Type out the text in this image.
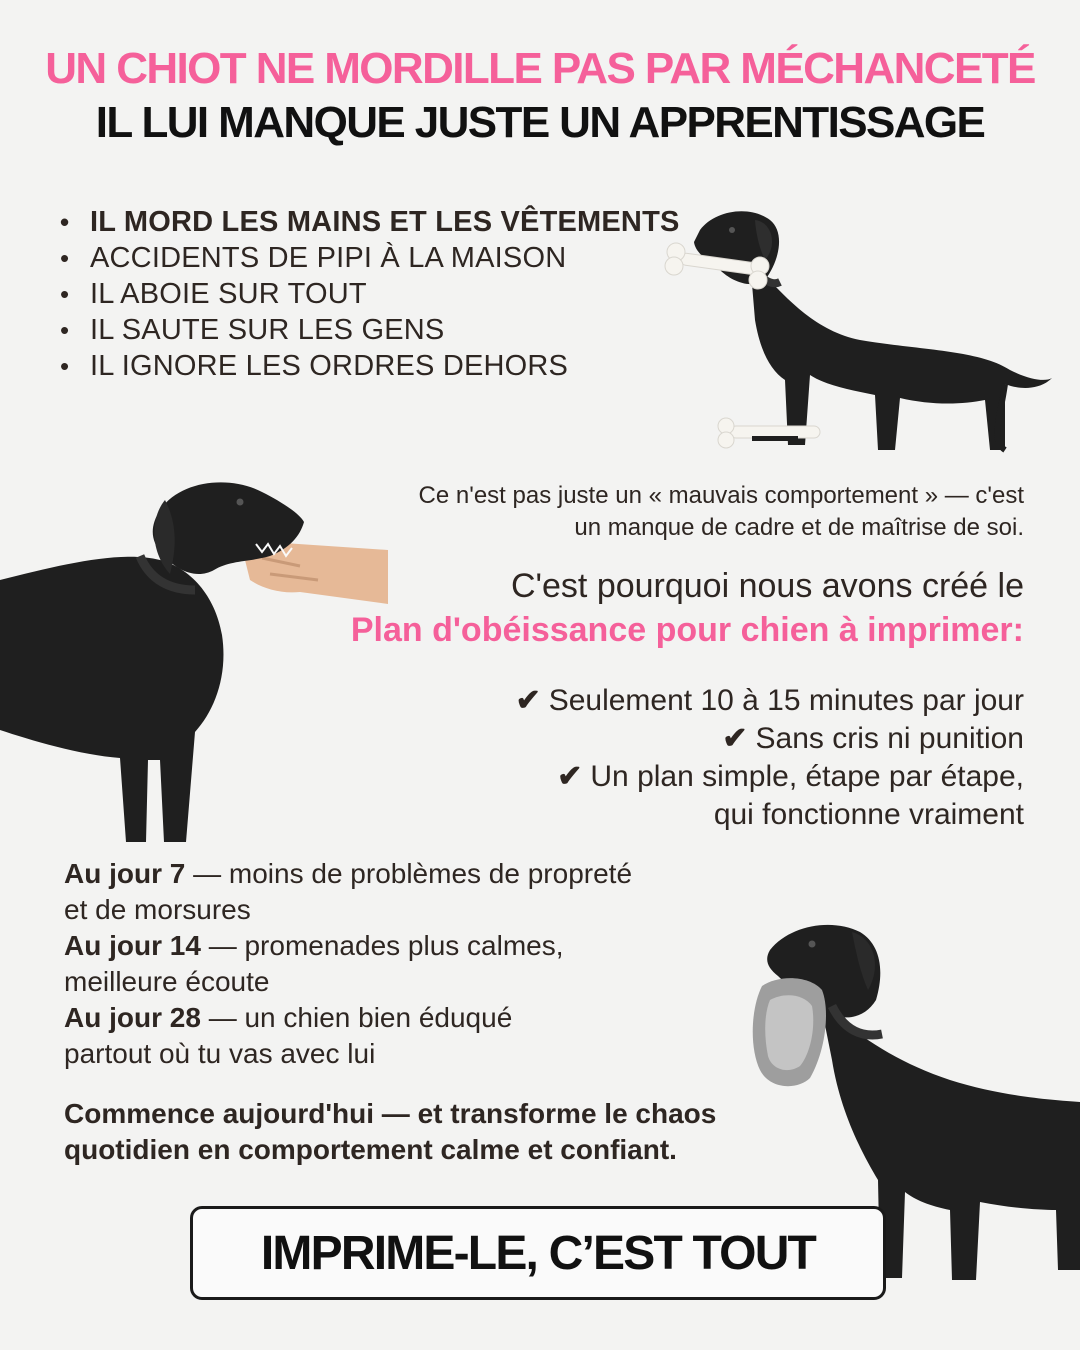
UN CHIOT NE MORDILLE PAS PAR MÉCHANCETÉ
IL LUI MANQUE JUSTE UN APPRENTISSAGE
• IL MORD LES MAINS ET LES VÊTEMENTS
• ACCIDENTS DE PIPI À LA MAISON
• IL ABOIE SUR TOUT
• IL SAUTE SUR LES GENS
• IL IGNORE LES ORDRES DEHORS
Ce n'est pas juste un « mauvais comportement » — c'est
un manque de cadre et de maîtrise de soi.
C'est pourquoi nous avons créé le
Plan d'obéissance pour chien à imprimer:
✔ Seulement 10 à 15 minutes par jour
✔ Sans cris ni punition
✔ Un plan simple, étape par étape,
qui fonctionne vraiment

Au jour 7 — moins de problèmes de propreté

et de morsures

Au jour 14 — promenades plus calmes,

meilleure écoute

Au jour 28 — un chien bien éduqué

partout où tu vas avec lui

Commence aujourd'hui — et transforme le chaos
quotidien en comportement calme et confiant.
IMPRIME-LE, C’EST TOUT
